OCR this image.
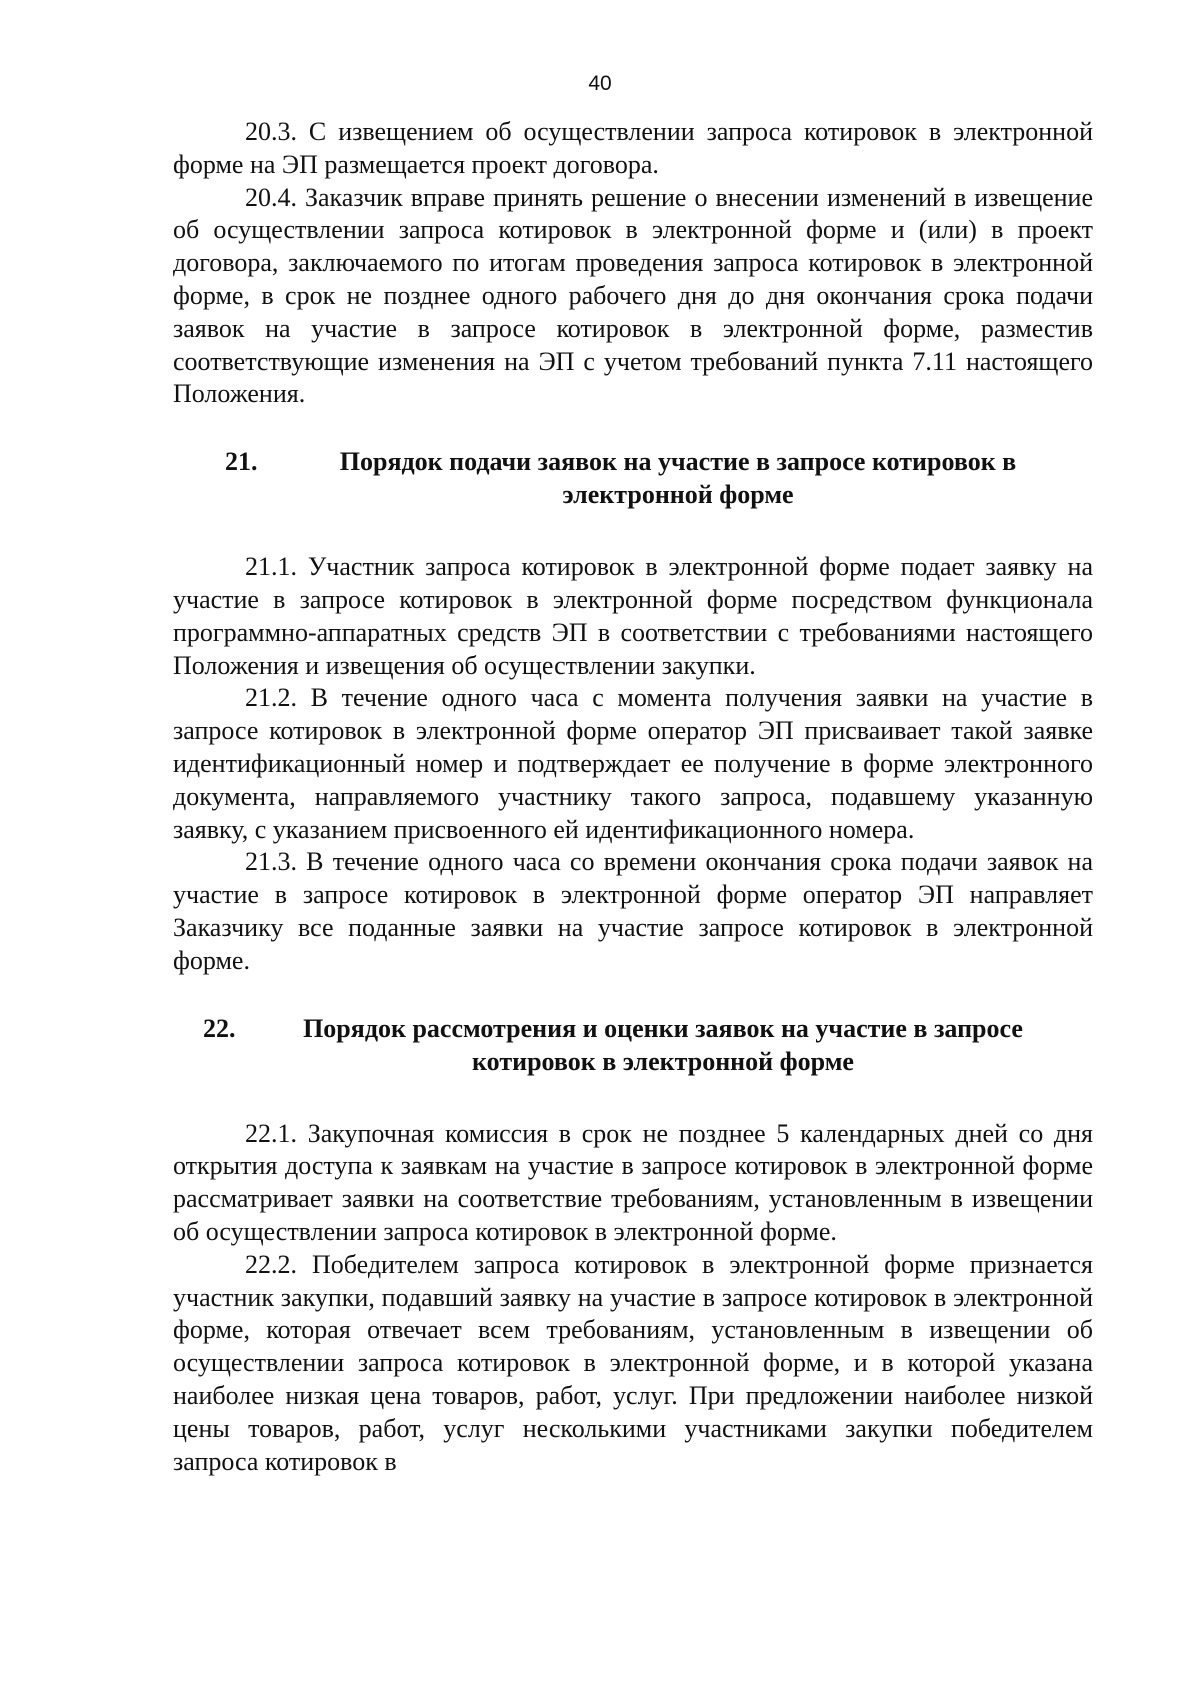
40

20.3. С извещением об осуществлении запроса котировок в электронной форме на ЭП размещается проект договора.

20.4. Заказчик вправе принять решение о внесении изменений в извещение об осуществлении запроса котировок в электронной форме и (или) в проект договора, заключаемого по итогам проведения запроса котировок в электронной форме, в срок не позднее одного рабочего дня до дня окончания срока подачи заявок на участие в запросе котировок в электронной форме, разместив соответствующие изменения на ЭП с учетом требований пункта 7.11 настоящего Положения.

21.	Порядок подачи заявок на участие в запросе котировок в электронной форме

21.1. Участник запроса котировок в электронной форме подает заявку на участие в запросе котировок в электронной форме посредством функционала программно-аппаратных средств ЭП в соответствии с требованиями настоящего Положения и извещения об осуществлении закупки.

21.2. В течение одного часа с момента получения заявки на участие в запросе котировок в электронной форме оператор ЭП присваивает такой заявке идентификационный номер и подтверждает ее получение в форме электронного документа, направляемого участнику такого запроса, подавшему указанную заявку, с указанием присвоенного ей идентификационного номера.

21.3. В течение одного часа со времени окончания срока подачи заявок на участие в запросе котировок в электронной форме оператор ЭП направляет Заказчику все поданные заявки на участие запросе котировок в электронной форме.

22.	Порядок рассмотрения и оценки заявок на участие в запросе котировок в электронной форме

22.1. Закупочная комиссия в срок не позднее 5 календарных дней со дня открытия доступа к заявкам на участие в запросе котировок в электронной форме рассматривает заявки на соответствие требованиям, установленным в извещении об осуществлении запроса котировок в электронной форме.

22.2. Победителем запроса котировок в электронной форме признается участник закупки, подавший заявку на участие в запросе котировок в электронной форме, которая отвечает всем требованиям, установленным в извещении об осуществлении запроса котировок в электронной форме, и в которой указана наиболее низкая цена товаров, работ, услуг. При предложении наиболее низкой цены товаров, работ, услуг несколькими участниками закупки победителем запроса котировок в
